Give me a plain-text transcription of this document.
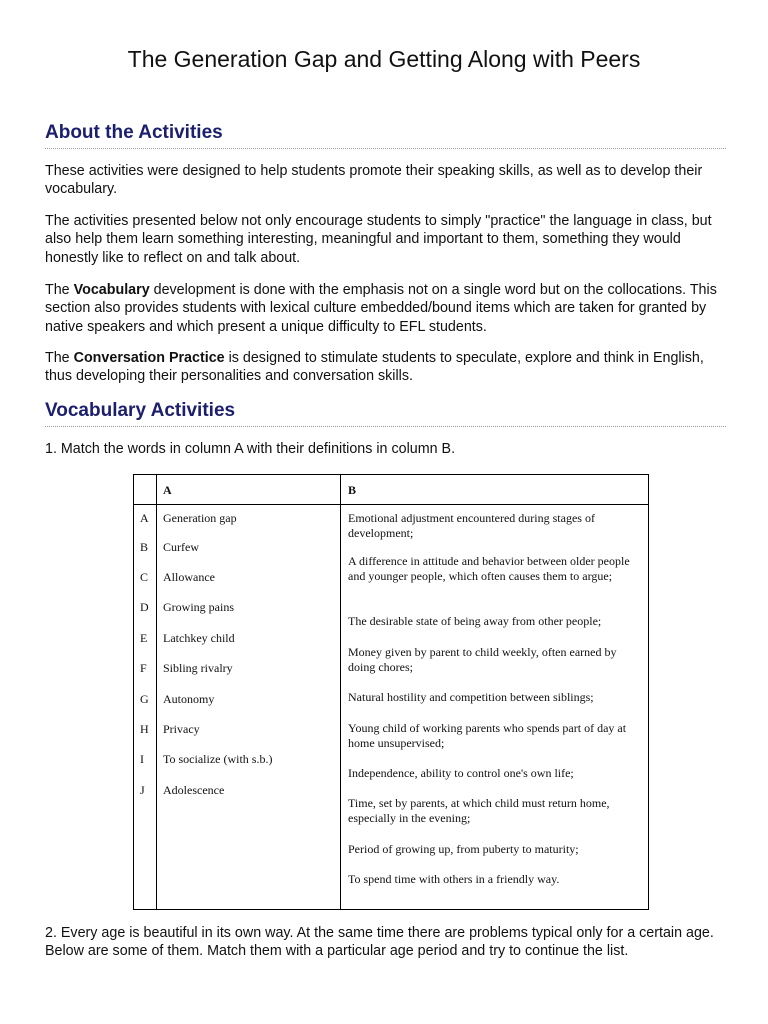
The Generation Gap and Getting Along with Peers
About the Activities
These activities were designed to help students promote their speaking skills, as well as to develop their vocabulary.
The activities presented below not only encourage students to simply "practice" the language in class, but also help them learn something interesting, meaningful and important to them, something they would honestly like to reflect on and talk about.
The Vocabulary development is done with the emphasis not on a single word but on the collocations. This section also provides students with lexical culture embedded/bound items which are taken for granted by native speakers and which present a unique difficulty to EFL students.
The Conversation Practice is designed to stimulate students to speculate, explore and think in English, thus developing their personalities and conversation skills.
Vocabulary Activities
1. Match the words in column A with their definitions in column B.
A	B
A
B
C
D
E
F
G
H
I
J
Generation gap
Curfew
Allowance
Growing pains
Latchkey child
Sibling rivalry
Autonomy
Privacy
To socialize (with s.b.)
Adolescence
Emotional adjustment encountered during stages of development;
A difference in attitude and behavior between older people and younger people, which often causes them to argue;
The desirable state of being away from other people;
Money given by parent to child weekly, often earned by doing chores;
Natural hostility and competition between siblings;
Young child of working parents who spends part of day at home unsupervised;
Independence, ability to control one's own life;
Time, set by parents, at which child must return home, especially in the evening;
Period of growing up, from puberty to maturity;
To spend time with others in a friendly way.
2. Every age is beautiful in its own way. At the same time there are problems typical only for a certain age. Below are some of them. Match them with a particular age period and try to continue the list.
